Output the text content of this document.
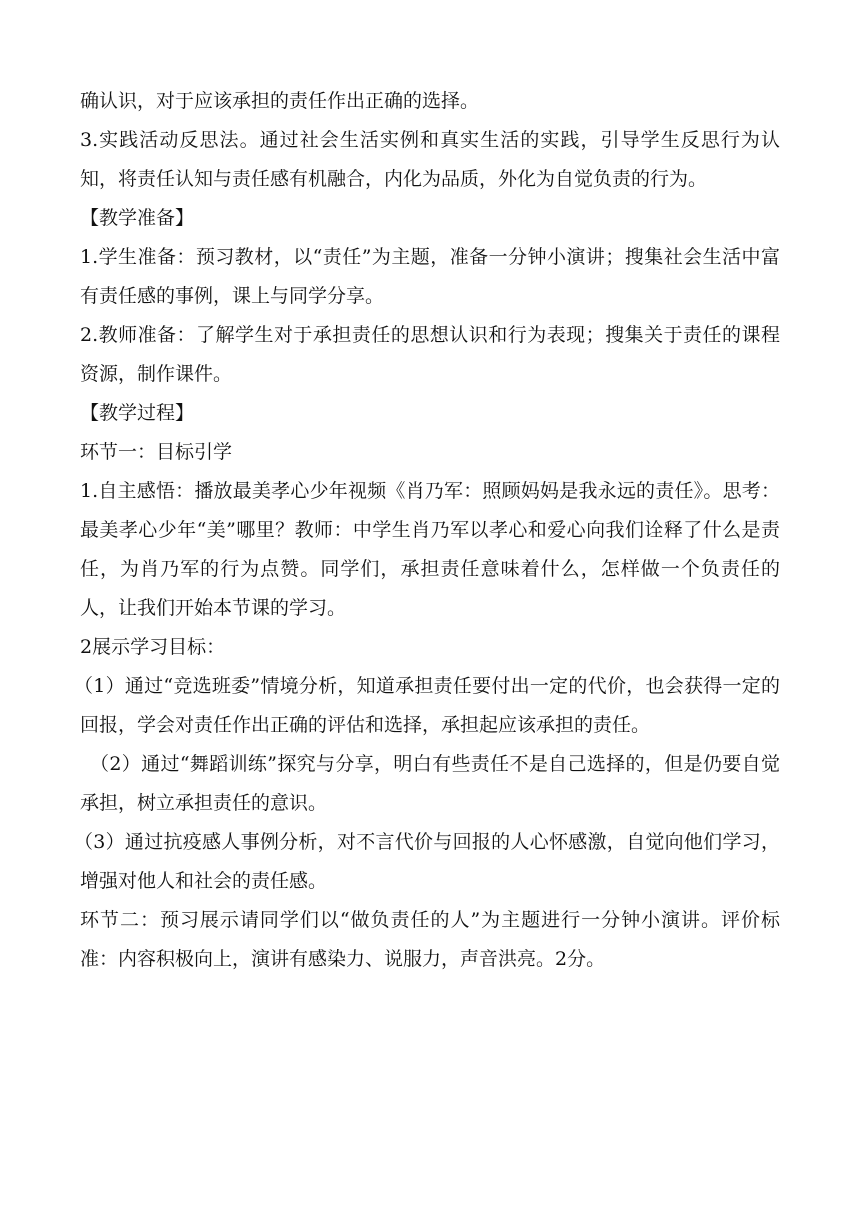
确认识，对于应该承担的责任作出正确的选择。

3.实践活动反思法。通过社会生活实例和真实生活的实践，引导学生反思行为认知，将责任认知与责任感有机融合，内化为品质，外化为自觉负责的行为。

【教学准备】

1.学生准备：预习教材，以“责任”为主题，准备一分钟小演讲；搜集社会生活中富有责任感的事例，课上与同学分享。

2.教师准备：了解学生对于承担责任的思想认识和行为表现；搜集关于责任的课程资源，制作课件。

【教学过程】

环节一：目标引学

1.自主感悟：播放最美孝心少年视频《肖乃军：照顾妈妈是我永远的责任》。思考：最美孝心少年“美”哪里？教师：中学生肖乃军以孝心和爱心向我们诠释了什么是责任，为肖乃军的行为点赞。同学们，承担责任意味着什么，怎样做一个负责任的人，让我们开始本节课的学习。

2展示学习目标：

（1）通过“竞选班委”情境分析，知道承担责任要付出一定的代价，也会获得一定的回报，学会对责任作出正确的评估和选择，承担起应该承担的责任。

（2）通过“舞蹈训练”探究与分享，明白有些责任不是自己选择的，但是仍要自觉承担，树立承担责任的意识。

（3）通过抗疫感人事例分析，对不言代价与回报的人心怀感激，自觉向他们学习，增强对他人和社会的责任感。

环节二：预习展示请同学们以“做负责任的人”为主题进行一分钟小演讲。评价标准：内容积极向上，演讲有感染力、说服力，声音洪亮。2分。
